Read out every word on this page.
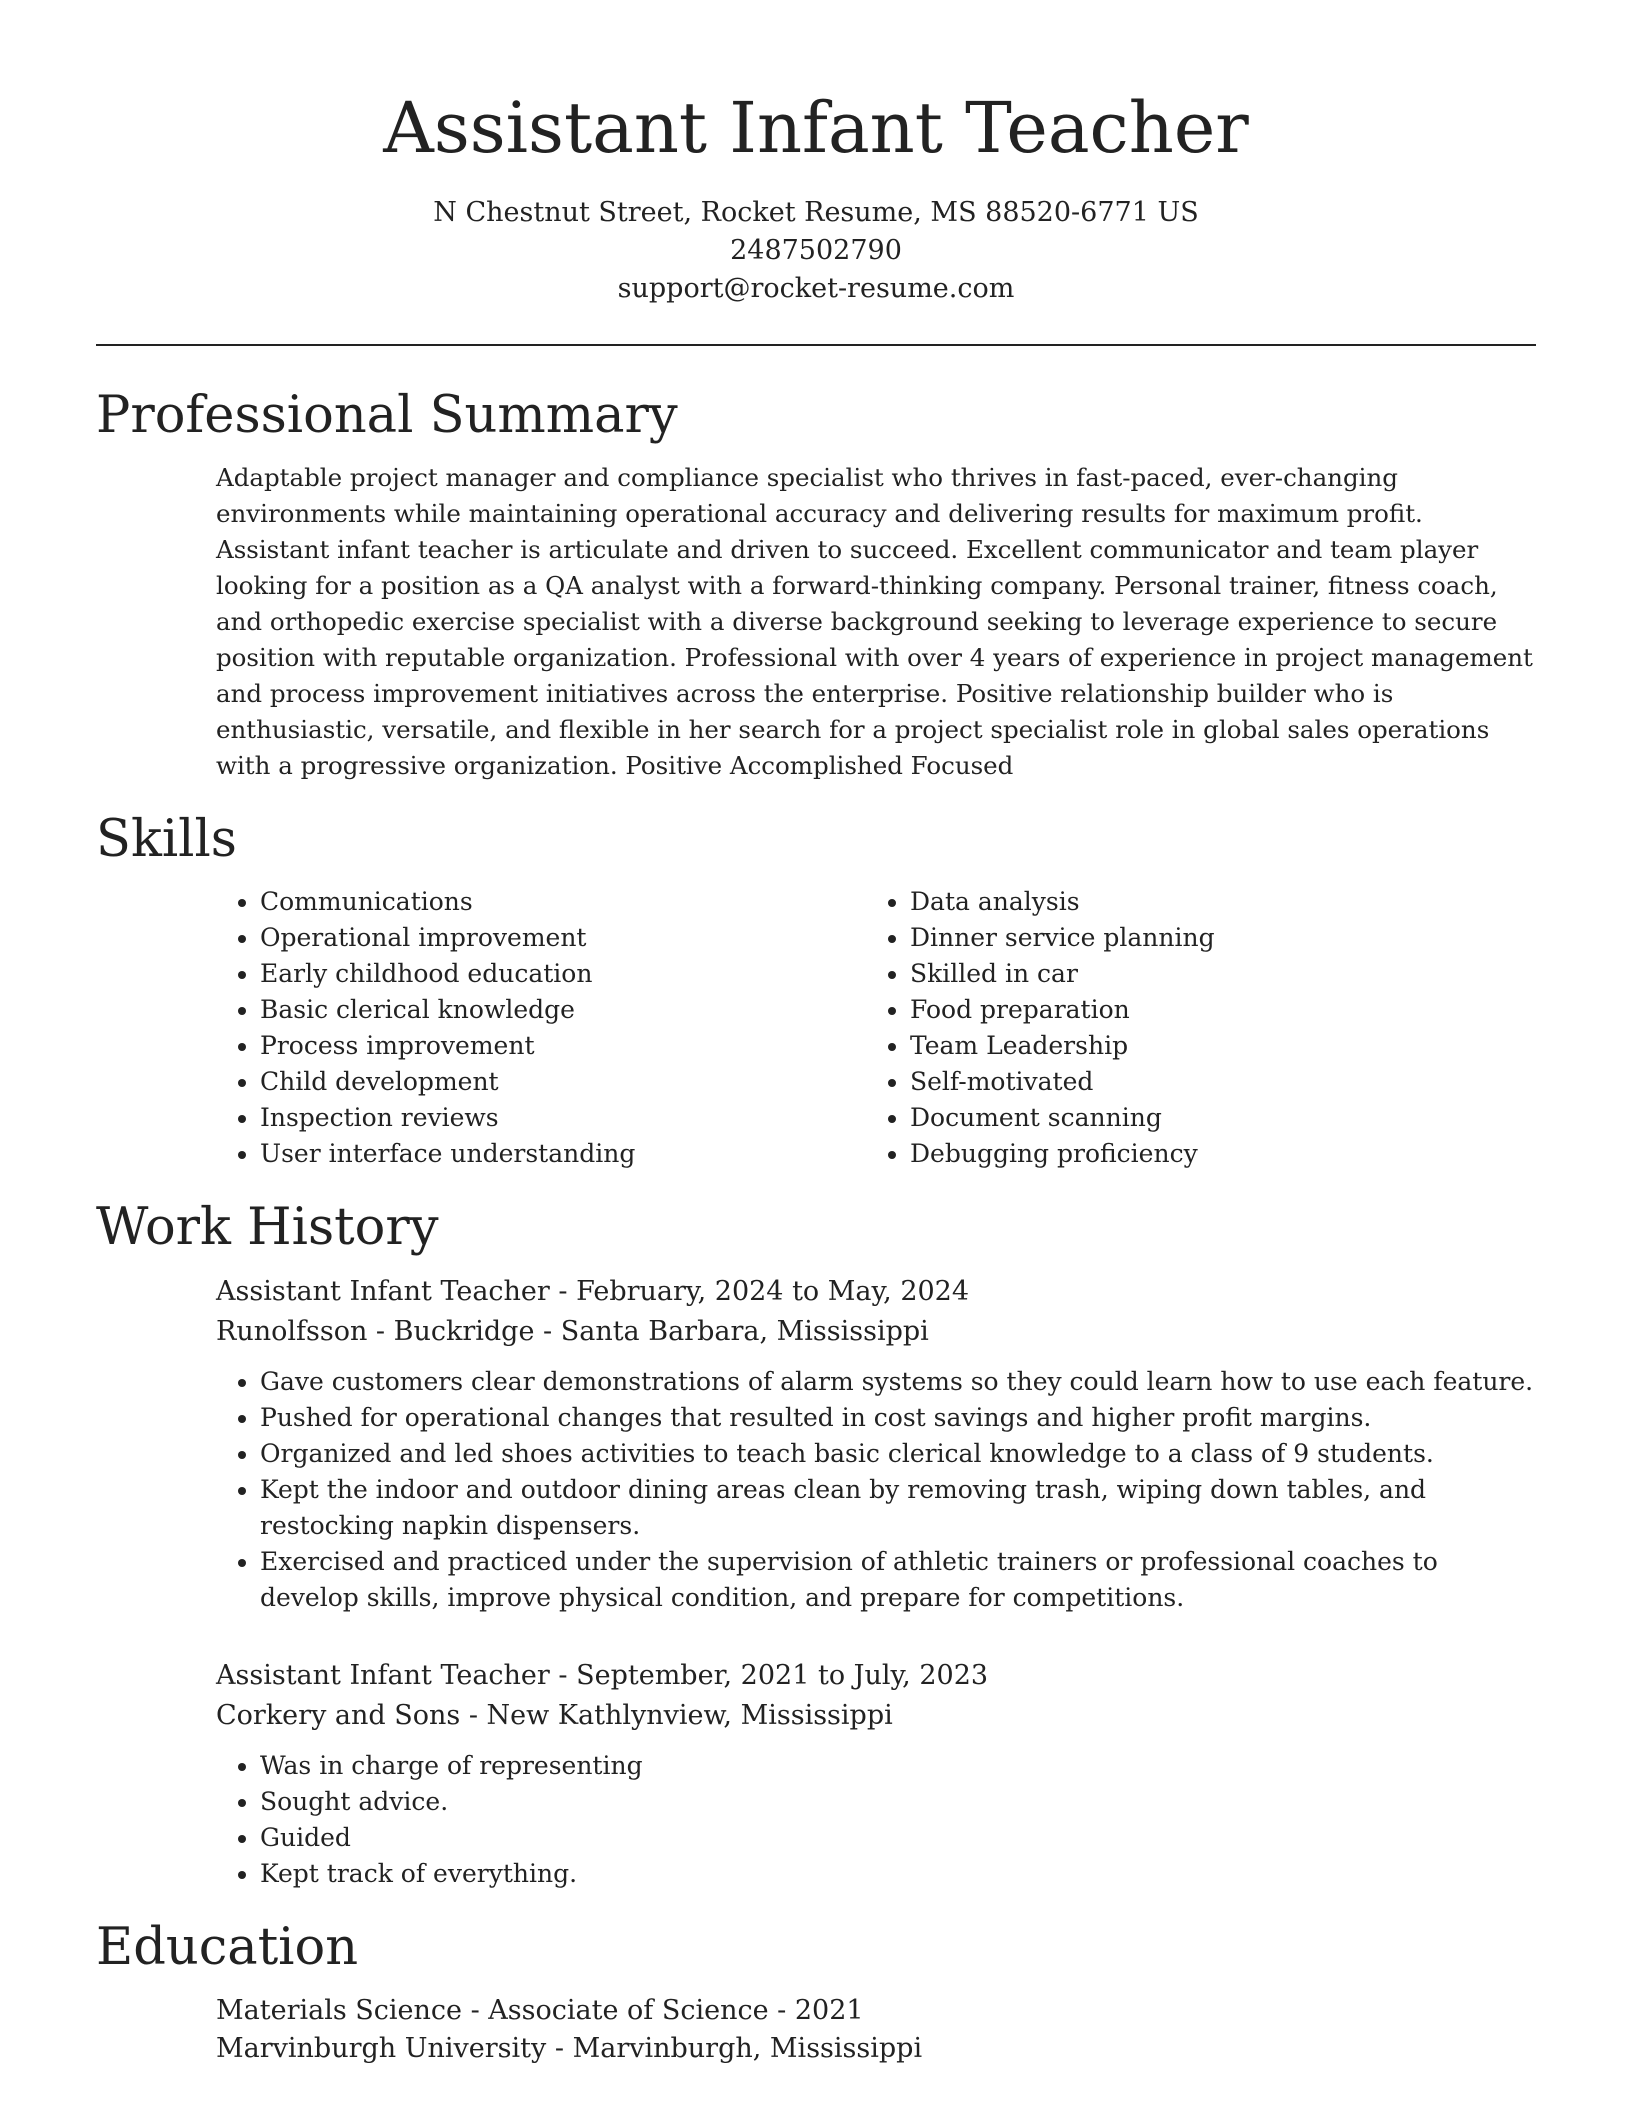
Assistant Infant Teacher
N Chestnut Street, Rocket Resume, MS 88520-6771 US
2487502790
support@rocket-resume.com
Professional Summary
Adaptable project manager and compliance specialist who thrives in fast-paced, ever-changing environments while maintaining operational accuracy and delivering results for maximum profit. Assistant infant teacher is articulate and driven to succeed. Excellent communicator and team player looking for a position as a QA analyst with a forward-thinking company. Personal trainer, fitness coach, and orthopedic exercise specialist with a diverse background seeking to leverage experience to secure position with reputable organization. Professional with over 4 years of experience in project management and process improvement initiatives across the enterprise. Positive relationship builder who is enthusiastic, versatile, and flexible in her search for a project specialist role in global sales operations with a progressive organization. Positive Accomplished Focused
Skills
• Communications
• Operational improvement
• Early childhood education
• Basic clerical knowledge
• Process improvement
• Child development
• Inspection reviews
• User interface understanding
• Data analysis
• Dinner service planning
• Skilled in car
• Food preparation
• Team Leadership
• Self-motivated
• Document scanning
• Debugging proficiency
Work History
Assistant Infant Teacher - February, 2024 to May, 2024
Runolfsson - Buckridge - Santa Barbara, Mississippi
• Gave customers clear demonstrations of alarm systems so they could learn how to use each feature.
• Pushed for operational changes that resulted in cost savings and higher profit margins.
• Organized and led shoes activities to teach basic clerical knowledge to a class of 9 students.
• Kept the indoor and outdoor dining areas clean by removing trash, wiping down tables, and restocking napkin dispensers.
• Exercised and practiced under the supervision of athletic trainers or professional coaches to develop skills, improve physical condition, and prepare for competitions.
Assistant Infant Teacher - September, 2021 to July, 2023
Corkery and Sons - New Kathlynview, Mississippi
• Was in charge of representing
• Sought advice.
• Guided
• Kept track of everything.
Education
Materials Science - Associate of Science - 2021
Marvinburgh University - Marvinburgh, Mississippi
